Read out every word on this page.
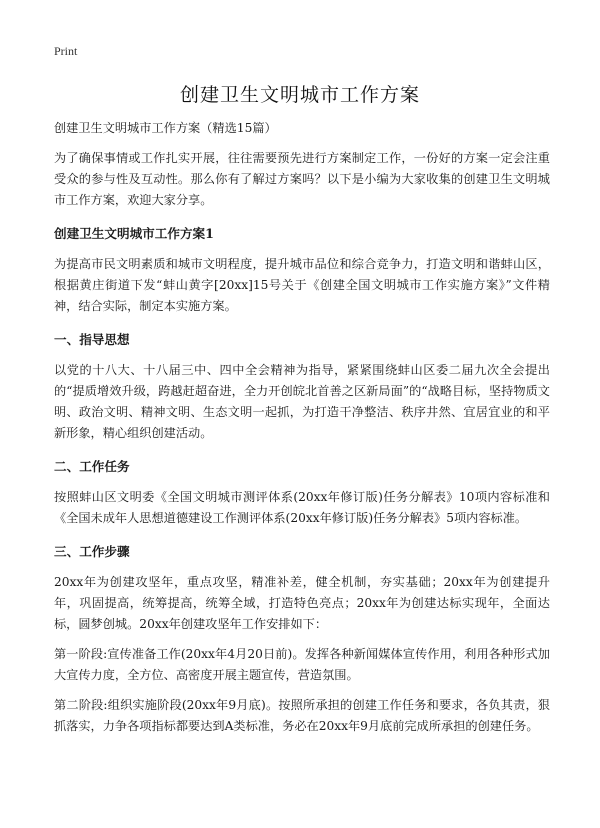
Print
创建卫生文明城市工作方案

创建卫生文明城市工作方案（精选15篇）

为了确保事情或工作扎实开展，往往需要预先进行方案制定工作，一份好的方案一定会注重受众的参与性及互动性。那么你有了解过方案吗？以下是小编为大家收集的创建卫生文明城市工作方案，欢迎大家分享。

创建卫生文明城市工作方案1

为提高市民文明素质和城市文明程度，提升城市品位和综合竞争力，打造文明和谐蚌山区，根据黄庄街道下发“蚌山黄字[20xx]15号关于《创建全国文明城市工作实施方案》”文件精神，结合实际，制定本实施方案。

一、指导思想

以党的十八大、十八届三中、四中全会精神为指导，紧紧围绕蚌山区委二届九次全会提出的“提质增效升级，跨越赶超奋进，全力开创皖北首善之区新局面”的“战略目标，坚持物质文明、政治文明、精神文明、生态文明一起抓，为打造干净整洁、秩序井然、宜居宜业的和平新形象，精心组织创建活动。

二、工作任务

按照蚌山区文明委《全国文明城市测评体系(20xx年修订版)任务分解表》10项内容标准和《全国未成年人思想道德建设工作测评体系(20xx年修订版)任务分解表》5项内容标准。

三、工作步骤

20xx年为创建攻坚年，重点攻坚，精准补差，健全机制，夯实基础；20xx年为创建提升年，巩固提高，统筹提高，统筹全域，打造特色亮点；20xx年为创建达标实现年，全面达标，圆梦创城。20xx年创建攻坚年工作安排如下：

第一阶段:宣传准备工作(20xx年4月20日前)。发挥各种新闻媒体宣传作用，利用各种形式加大宣传力度，全方位、高密度开展主题宣传，营造氛围。

第二阶段:组织实施阶段(20xx年9月底)。按照所承担的创建工作任务和要求，各负其责，狠抓落实，力争各项指标都要达到A类标准，务必在20xx年9月底前完成所承担的创建任务。
